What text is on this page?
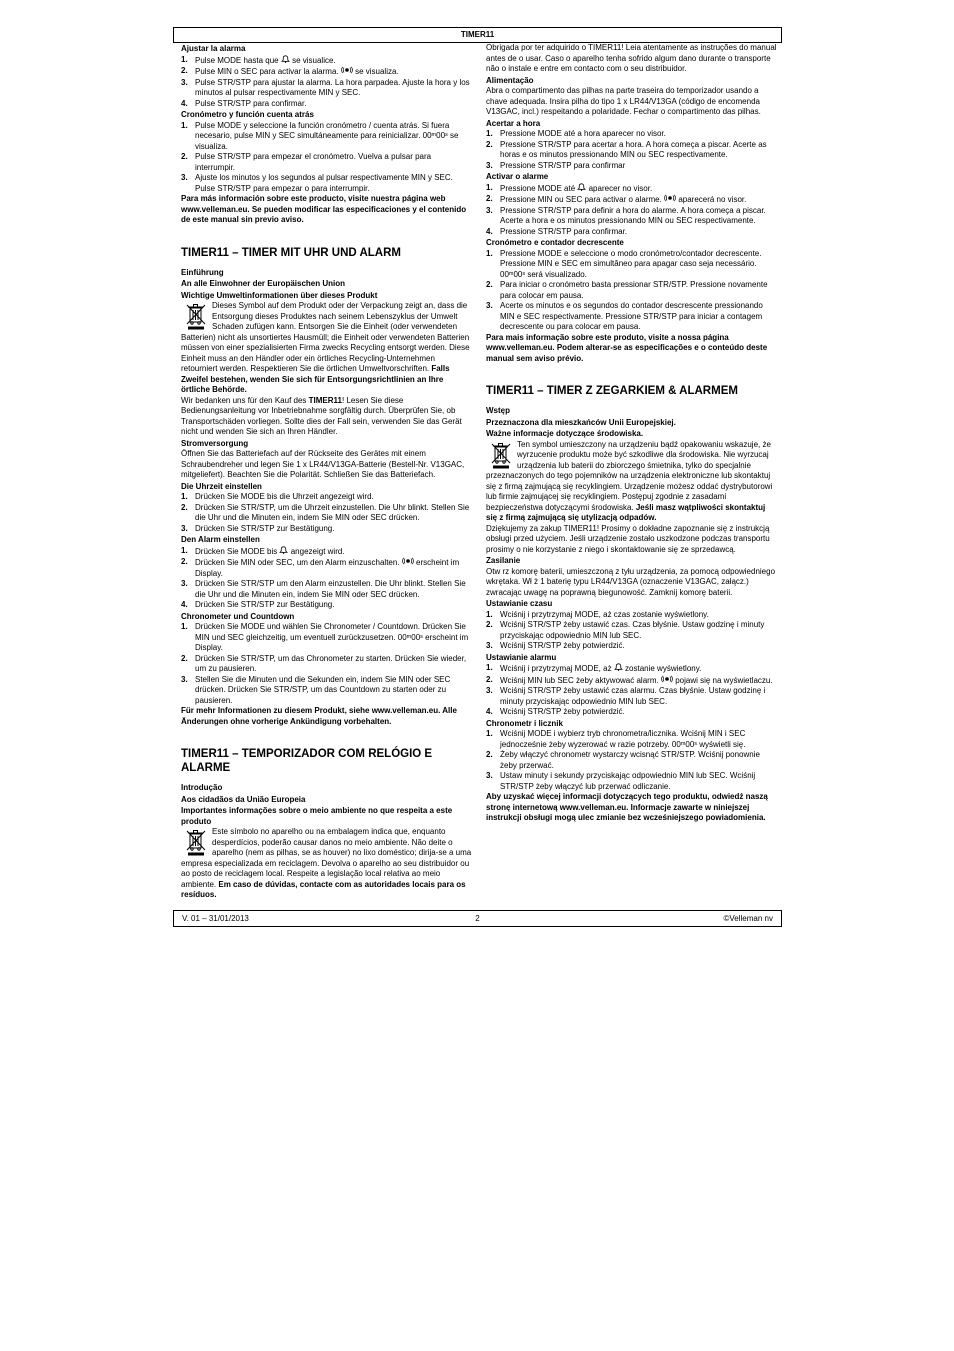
TIMER11

Ajustar la alarma

1. Pulse MODE hasta que se visualice.
2. Pulse MIN o SEC para activar la alarma. se visualiza.
3. Pulse STR/STP para ajustar la alarma. La hora parpadea. Ajuste la hora y los minutos al pulsar respectivamente MIN y SEC.
4. Pulse STR/STP para confirmar.

Cronómetro y función cuenta atrás

1. Pulse MODE y seleccione la función cronómetro / cuenta atrás. Si fuera necesario, pulse MIN y SEC simultáneamente para reinicializar. 00ᵐ00ˢ se visualiza.
2. Pulse STR/STP para empezar el cronómetro. Vuelva a pulsar para interrumpir.
3. Ajuste los minutos y los segundos al pulsar respectivamente MIN y SEC. Pulse STR/STP para empezar o para interrumpir.

Para más información sobre este producto, visite nuestra página web www.velleman.eu. Se pueden modificar las especificaciones y el contenido de este manual sin previo aviso.

TIMER11 – TIMER MIT UHR UND ALARM

Einführung

An alle Einwohner der Europäischen Union

Wichtige Umweltinformationen über dieses Produkt

Dieses Symbol auf dem Produkt oder der Verpackung zeigt an, dass die Entsorgung dieses Produktes nach seinem Lebenszyklus der Umwelt Schaden zufügen kann. Entsorgen Sie die Einheit (oder verwendeten Batterien) nicht als unsortiertes Hausmüll; die Einheit oder verwendeten Batterien müssen von einer spezialisierten Firma zwecks Recycling entsorgt werden. Diese Einheit muss an den Händler oder ein örtliches Recycling-Unternehmen retourniert werden. Respektieren Sie die örtlichen Umweltvorschriften. Falls Zweifel bestehen, wenden Sie sich für Entsorgungsrichtlinien an Ihre örtliche Behörde.

Wir bedanken uns für den Kauf des TIMER11! Lesen Sie diese Bedienungsanleitung vor Inbetriebnahme sorgfältig durch. Überprüfen Sie, ob Transportschäden vorliegen. Sollte dies der Fall sein, verwenden Sie das Gerät nicht und wenden Sie sich an Ihren Händler.

Stromversorgung

Öffnen Sie das Batteriefach auf der Rückseite des Gerätes mit einem Schraubendreher und legen Sie 1 x LR44/V13GA-Batterie (Bestell-Nr. V13GAC, mitgeliefert). Beachten Sie die Polarität. Schließen Sie das Batteriefach.

Die Uhrzeit einstellen

1. Drücken Sie MODE bis die Uhrzeit angezeigt wird.
2. Drücken Sie STR/STP, um die Uhrzeit einzustellen. Die Uhr blinkt. Stellen Sie die Uhr und die Minuten ein, indem Sie MIN oder SEC drücken.
3. Drücken Sie STR/STP zur Bestätigung.

Den Alarm einstellen

1. Drücken Sie MODE bis angezeigt wird.
2. Drücken Sie MIN oder SEC, um den Alarm einzuschalten. erscheint im Display.
3. Drücken Sie STR/STP um den Alarm einzustellen. Die Uhr blinkt. Stellen Sie die Uhr und die Minuten ein, indem Sie MIN oder SEC drücken.
4. Drücken Sie STR/STP zur Bestätigung.

Chronometer und Countdown

1. Drücken Sie MODE und wählen Sie Chronometer / Countdown. Drücken Sie MIN und SEC gleichzeitig, um eventuell zurückzusetzen. 00ᵐ00ˢ erscheint im Display.
2. Drücken Sie STR/STP, um das Chronometer zu starten. Drücken Sie wieder, um zu pausieren.
3. Stellen Sie die Minuten und die Sekunden ein, indem Sie MIN oder SEC drücken. Drücken Sie STR/STP, um das Countdown zu starten oder zu pausieren.

Für mehr Informationen zu diesem Produkt, siehe www.velleman.eu. Alle Änderungen ohne vorherige Ankündigung vorbehalten.

TIMER11 – TEMPORIZADOR COM RELÓGIO E ALARME

Introdução

Aos cidadãos da União Europeia

Importantes informações sobre o meio ambiente no que respeita a este produto

Este símbolo no aparelho ou na embalagem indica que, enquanto desperdícios, poderão causar danos no meio ambiente. Não deite o aparelho (nem as pilhas, se as houver) no lixo doméstico; dirija-se a uma empresa especializada em reciclagem. Devolva o aparelho ao seu distribuidor ou ao posto de reciclagem local. Respeite a legislação local relativa ao meio ambiente. Em caso de dúvidas, contacte com as autoridades locais para os resíduos.

Obrigada por ter adquirido o TIMER11! Leia atentamente as instruções do manual antes de o usar. Caso o aparelho tenha sofrido algum dano durante o transporte não o instale e entre em contacto com o seu distribuidor.

Alimentação

Abra o compartimento das pilhas na parte traseira do temporizador usando a chave adequada. Insira pilha do tipo 1 x LR44/V13GA (código de encomenda V13GAC, incl.) respeitando a polaridade. Fechar o compartimento das pilhas.

Acertar a hora

1. Pressione MODE até a hora aparecer no visor.
2. Pressione STR/STP para acertar a hora. A hora começa a piscar. Acerte as horas e os minutos pressionando MIN ou SEC respectivamente.
3. Pressione STR/STP para confirmar

Activar o alarme

1. Pressione MODE até aparecer no visor.
2. Pressione MIN ou SEC para activar o alarme. aparecerá no visor.
3. Pressione STR/STP para definir a hora do alarme. A hora começa a piscar. Acerte a hora e os minutos pressionando MIN ou SEC respectivamente.
4. Pressione STR/STP para confirmar.

Cronómetro e contador decrescente

1. Pressione MODE e seleccione o modo cronómetro/contador decrescente. Pressione MIN e SEC em simultâneo para apagar caso seja necessário. 00ᵐ00ˢ será visualizado.
2. Para iniciar o cronómetro basta pressionar STR/STP. Pressione novamente para colocar em pausa.
3. Acerte os minutos e os segundos do contador descrescente pressionando MIN e SEC respectivamente. Pressione STR/STP para iniciar a contagem decrescente ou para colocar em pausa.

Para mais informação sobre este produto, visite a nossa página www.velleman.eu. Podem alterar-se as especificações e o conteúdo deste manual sem aviso prévio.

TIMER11 – TIMER Z ZEGARKIEM & ALARMEM

Wstęp

Przeznaczona dla mieszkańców Unii Europejskiej.

Ważne informacje dotyczące środowiska.

Ten symbol umieszczony na urządzeniu bądź opakowaniu wskazuje, że wyrzucenie produktu może być szkodliwe dla środowiska. Nie wyrzucaj urządzenia lub baterii do zbiorczego śmietnika, tylko do specjalnie przeznaczonych do tego pojemników na urządzenia elektroniczne lub skontaktuj się z firmą zajmującą się recyklingiem. Urządzenie możesz oddać dystrybutorowi lub firmie zajmującej się recyklingiem. Postępuj zgodnie z zasadami bezpieczeństwa dotyczącymi środowiska. Jeśli masz wątpliwości skontaktuj się z firmą zajmującą się utylizacją odpadów.

Dziękujemy za zakup TIMER11! Prosimy o dokładne zapoznanie się z instrukcją obsługi przed użyciem. Jeśli urządzenie zostało uszkodzone podczas transportu prosimy o nie korzystanie z niego i skontaktowanie się ze sprzedawcą.

Zasilanie

Otw rz komorę baterii, umieszczoną z tyłu urządzenia, za pomocą odpowiedniego wkrętaka. Wł ż 1 baterię typu LR44/V13GA (oznaczenie V13GAC, załącz.) zwracając uwagę na poprawną biegunowość. Zamknij komorę baterii.

Ustawianie czasu

1. Wciśnij i przytrzymaj MODE, aż czas zostanie wyświetlony.
2. Wciśnij STR/STP żeby ustawić czas. Czas błyśnie. Ustaw godzinę i minuty przyciskając odpowiednio MIN lub SEC.
3. Wciśnij STR/STP żeby potwierdzić.

Ustawianie alarmu

1. Wciśnij i przytrzymaj MODE, aż zostanie wyświetlony.
2. Wciśnij MIN lub SEC żeby aktywować alarm. pojawi się na wyświetlaczu.
3. Wciśnij STR/STP żeby ustawić czas alarmu. Czas błyśnie. Ustaw godzinę i minuty przyciskając odpowiednio MIN lub SEC.
4. Wciśnij STR/STP żeby potwierdzić.

Chronometr i licznik

1. Wciśnij MODE i wybierz tryb chronometra/licznika. Wciśnij MIN i SEC jednocześnie żeby wyzerować w razie potrzeby. 00ᵐ00ˢ wyświetli się.
2. Żeby włączyć chronometr wystarczy wcisnąć STR/STP. Wciśnij ponownie żeby przerwać.
3. Ustaw minuty i sekundy przyciskając odpowiednio MIN lub SEC. Wciśnij STR/STP żeby włączyć lub przerwać odliczanie.

Aby uzyskać więcej informacji dotyczących tego produktu, odwiedź naszą stronę internetową www.velleman.eu. Informacje zawarte w niniejszej instrukcji obsługi mogą ulec zmianie bez wcześniejszego powiadomienia.

V. 01 – 31/01/2013	2	©Velleman nv
